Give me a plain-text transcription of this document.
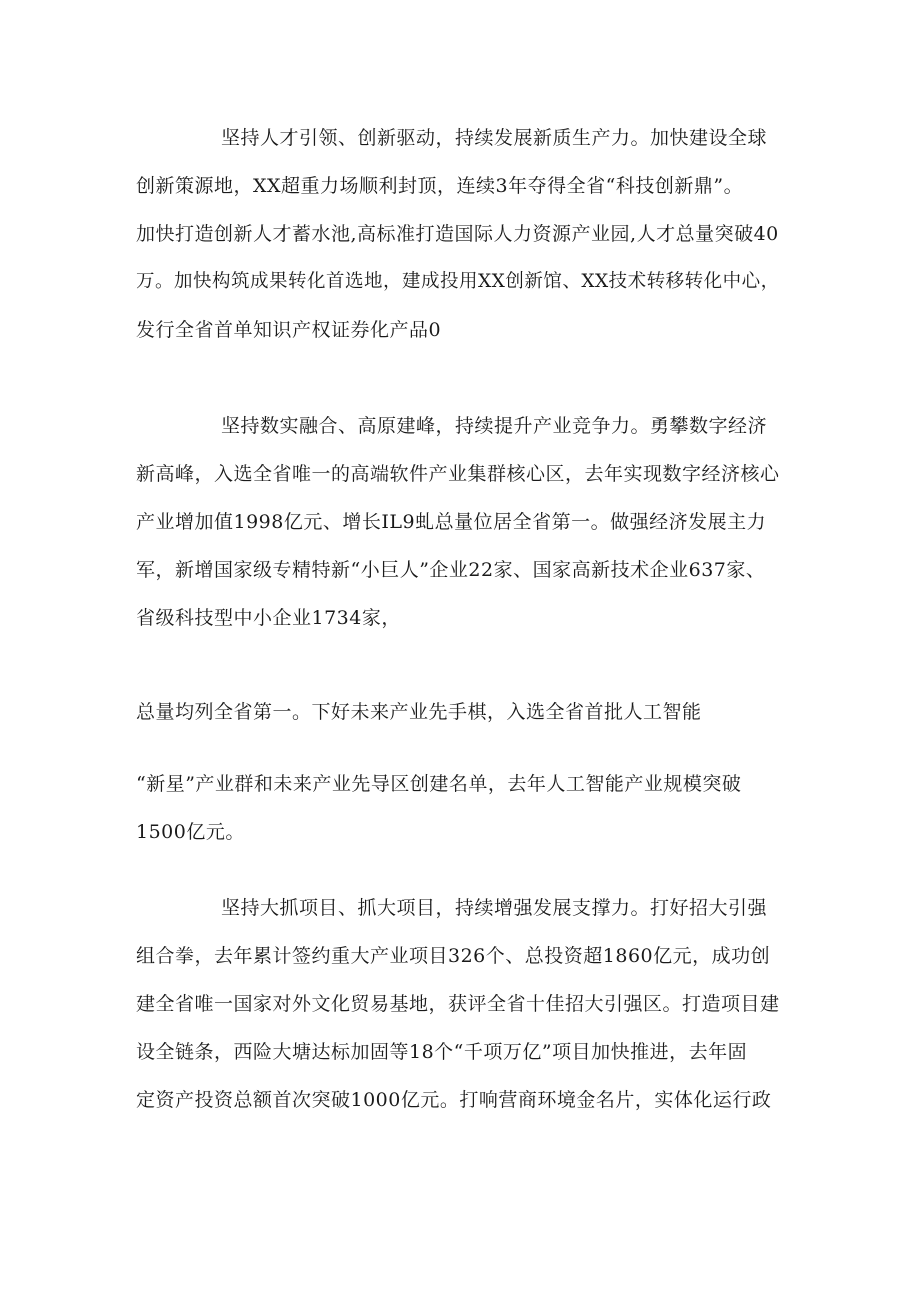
坚持人才引领、创新驱动，持续发展新质生产力。加快建设全球
创新策源地，XX超重力场顺利封顶，连续3年夺得全省“科技创新鼎”。
加快打造创新人才蓄水池,高标准打造国际人力资源产业园,人才总量突破40
万。加快构筑成果转化首选地，建成投用XX创新馆、XX技术转移转化中心，
发行全省首单知识产权证券化产品0
坚持数实融合、高原建峰，持续提升产业竞争力。勇攀数字经济
新高峰，入选全省唯一的高端软件产业集群核心区，去年实现数字经济核心
产业增加值1998亿元、增长IL9虬总量位居全省第一。做强经济发展主力
军，新增国家级专精特新“小巨人”企业22家、国家高新技术企业637家、
省级科技型中小企业1734家，
总量均列全省第一。下好未来产业先手棋，入选全省首批人工智能
“新星”产业群和未来产业先导区创建名单，去年人工智能产业规模突破
1500亿元。
坚持大抓项目、抓大项目，持续增强发展支撑力。打好招大引强
组合拳，去年累计签约重大产业项目326个、总投资超1860亿元，成功创
建全省唯一国家对外文化贸易基地，获评全省十佳招大引强区。打造项目建
设全链条，西险大塘达标加固等18个“千项万亿”项目加快推进，去年固
定资产投资总额首次突破1000亿元。打响营商环境金名片，实体化运行政
